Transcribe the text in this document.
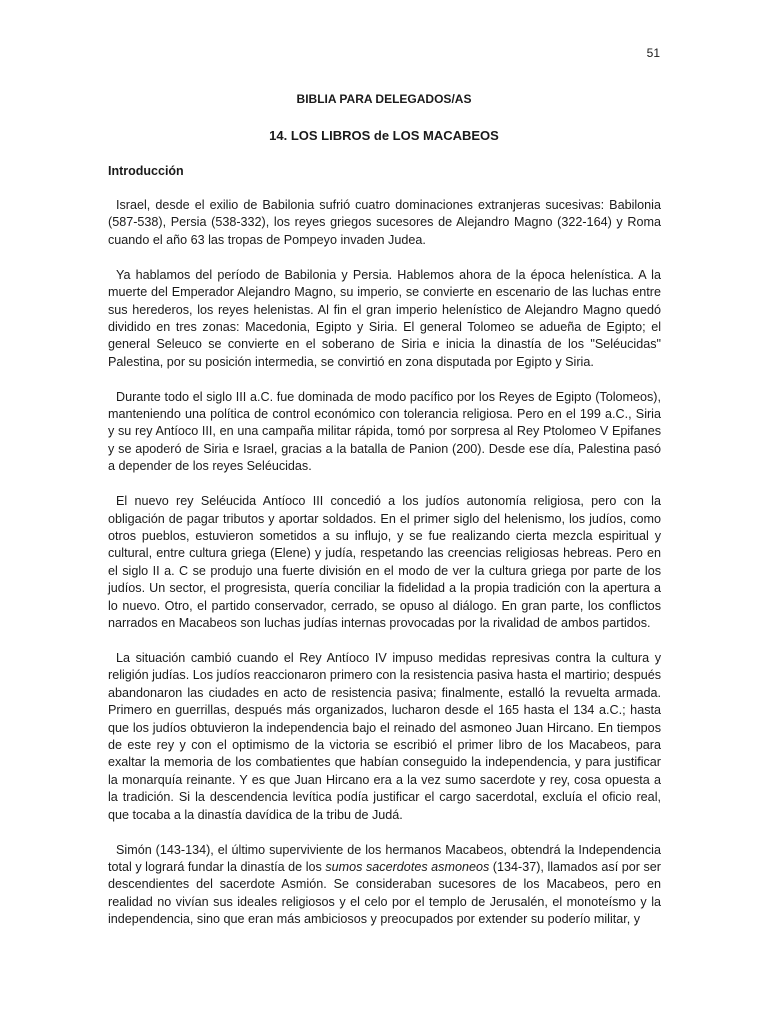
51
BIBLIA PARA DELEGADOS/AS
14. LOS LIBROS de LOS MACABEOS
Introducción

Israel, desde el exilio de Babilonia sufrió cuatro dominaciones extranjeras sucesivas: Babilonia (587-538), Persia (538-332), los reyes griegos sucesores de Alejandro Magno (322-164) y Roma cuando el año 63 las tropas de Pompeyo invaden Judea.

Ya hablamos del período de Babilonia y Persia. Hablemos ahora de la época helenística. A la muerte del Emperador Alejandro Magno, su imperio, se convierte en escenario de las luchas entre sus herederos, los reyes helenistas. Al fin el gran imperio helenístico de Alejandro Magno quedó dividido en tres zonas: Macedonia, Egipto y Siria. El general Tolomeo se adueña de Egipto; el general Seleuco se convierte en el soberano de Siria e inicia la dinastía de los "Seléucidas" Palestina, por su posición intermedia, se convirtió en zona disputada por Egipto y Siria.

Durante todo el siglo III a.C. fue dominada de modo pacífico por los Reyes de Egipto (Tolomeos), manteniendo una política de control económico con tolerancia religiosa. Pero en el 199 a.C., Siria y su rey Antíoco III, en una campaña militar rápida, tomó por sorpresa al Rey Ptolomeo V Epifanes y se apoderó de Siria e Israel, gracias a la batalla de Panion (200). Desde ese día, Palestina pasó a depender de los reyes Seléucidas.

El nuevo rey Seléucida Antíoco III concedió a los judíos autonomía religiosa, pero con la obligación de pagar tributos y aportar soldados. En el primer siglo del helenismo, los judíos, como otros pueblos, estuvieron sometidos a su influjo, y se fue realizando cierta mezcla espiritual y cultural, entre cultura griega (Elene) y judía, respetando las creencias religiosas hebreas. Pero en el siglo II a. C se produjo una fuerte división en el modo de ver la cultura griega por parte de los judíos. Un sector, el progresista, quería conciliar la fidelidad a la propia tradición con la apertura a lo nuevo. Otro, el partido conservador, cerrado, se opuso al diálogo. En gran parte, los conflictos narrados en Macabeos son luchas judías internas provocadas por la rivalidad de ambos partidos.

La situación cambió cuando el Rey Antíoco IV impuso medidas represivas contra la cultura y religión judías. Los judíos reaccionaron primero con la resistencia pasiva hasta el martirio; después abandonaron las ciudades en acto de resistencia pasiva; finalmente, estalló la revuelta armada. Primero en guerrillas, después más organizados, lucharon desde el 165 hasta el 134 a.C.; hasta que los judíos obtuvieron la independencia bajo el reinado del asmoneo Juan Hircano. En tiempos de este rey y con el optimismo de la victoria se escribió el primer libro de los Macabeos, para exaltar la memoria de los combatientes que habían conseguido la independencia, y para justificar la monarquía reinante. Y es que Juan Hircano era a la vez sumo sacerdote y rey, cosa opuesta a la tradición. Si la descendencia levítica podía justificar el cargo sacerdotal, excluía el oficio real, que tocaba a la dinastía davídica de la tribu de Judá.

Simón (143-134), el último superviviente de los hermanos Macabeos, obtendrá la Independencia total y logrará fundar la dinastía de los sumos sacerdotes asmoneos (134-37), llamados así por ser descendientes del sacerdote Asmión. Se consideraban sucesores de los Macabeos, pero en realidad no vivían sus ideales religiosos y el celo por el templo de Jerusalén, el monoteísmo y la independencia, sino que eran más ambiciosos y preocupados por extender su poderío militar, y
